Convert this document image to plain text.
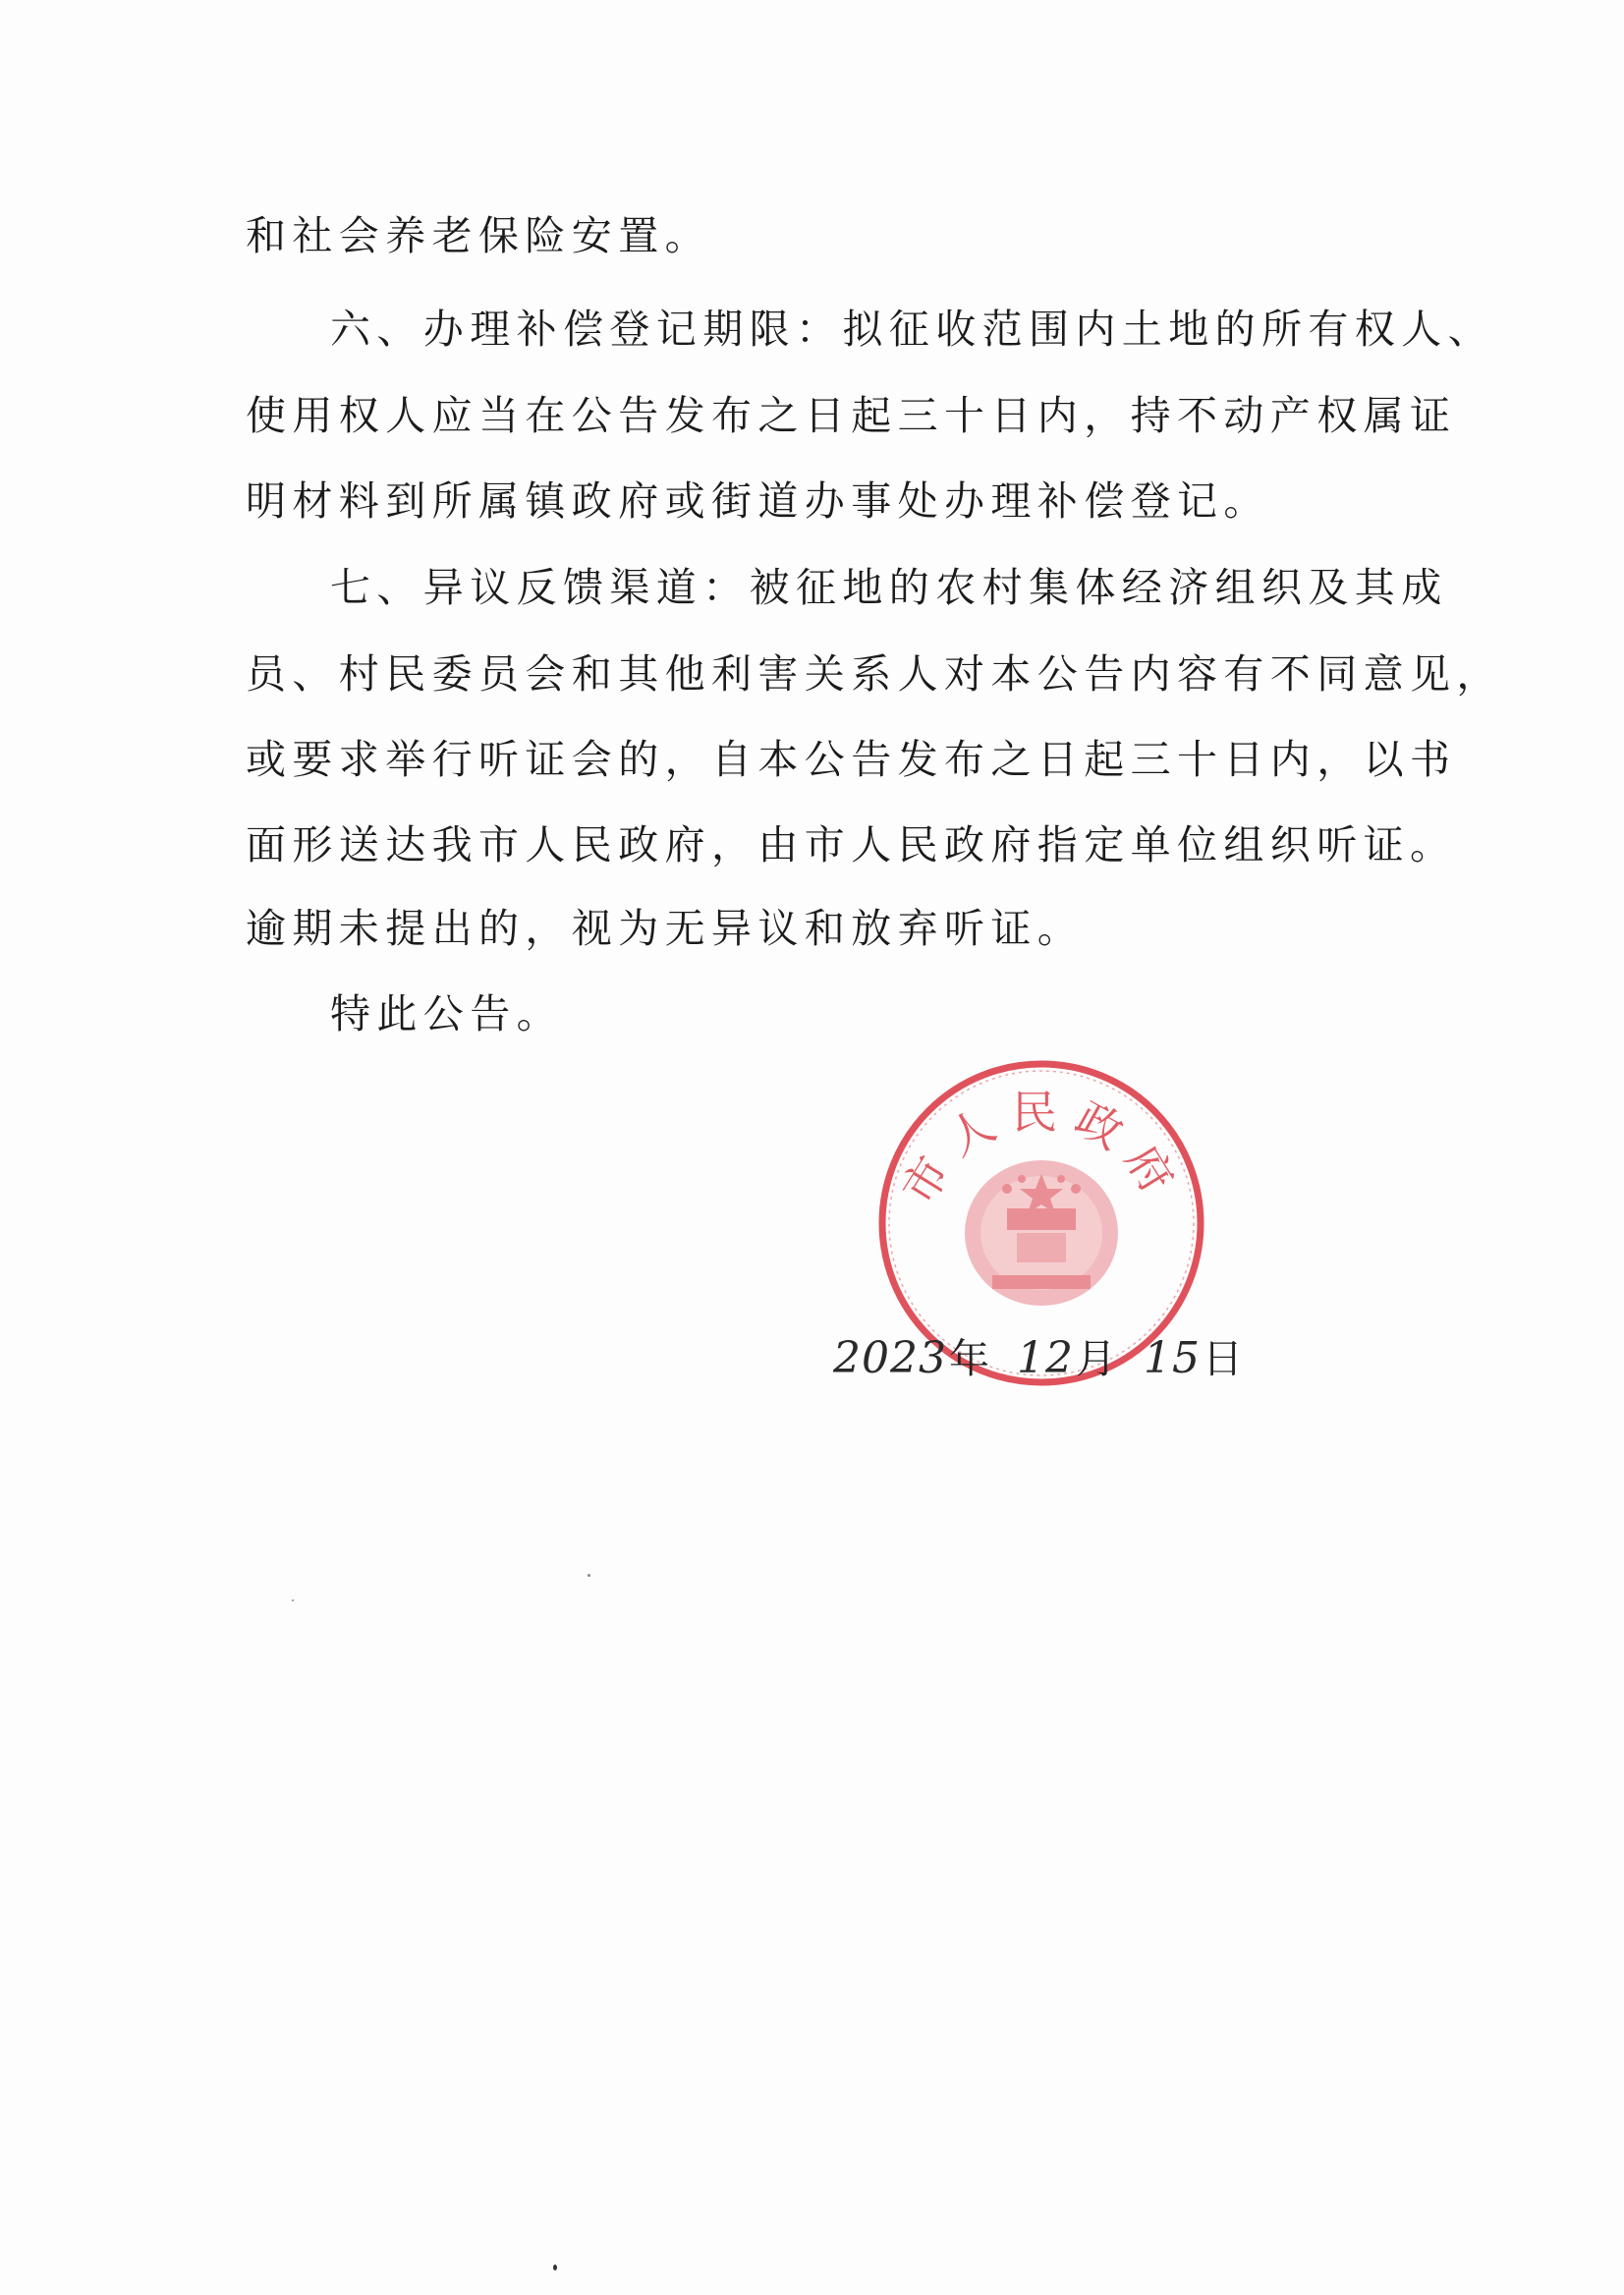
和社会养老保险安置。
六、办理补偿登记期限：拟征收范围内土地的所有权人、
使用权人应当在公告发布之日起三十日内，持不动产权属证
明材料到所属镇政府或街道办事处办理补偿登记。
七、异议反馈渠道：被征地的农村集体经济组织及其成
员、村民委员会和其他利害关系人对本公告内容有不同意见，
或要求举行听证会的，自本公告发布之日起三十日内，以书
面形送达我市人民政府，由市人民政府指定单位组织听证。
逾期未提出的，视为无异议和放弃听证。
特此公告。
市人民政府
2023 年 12 月 15 日
